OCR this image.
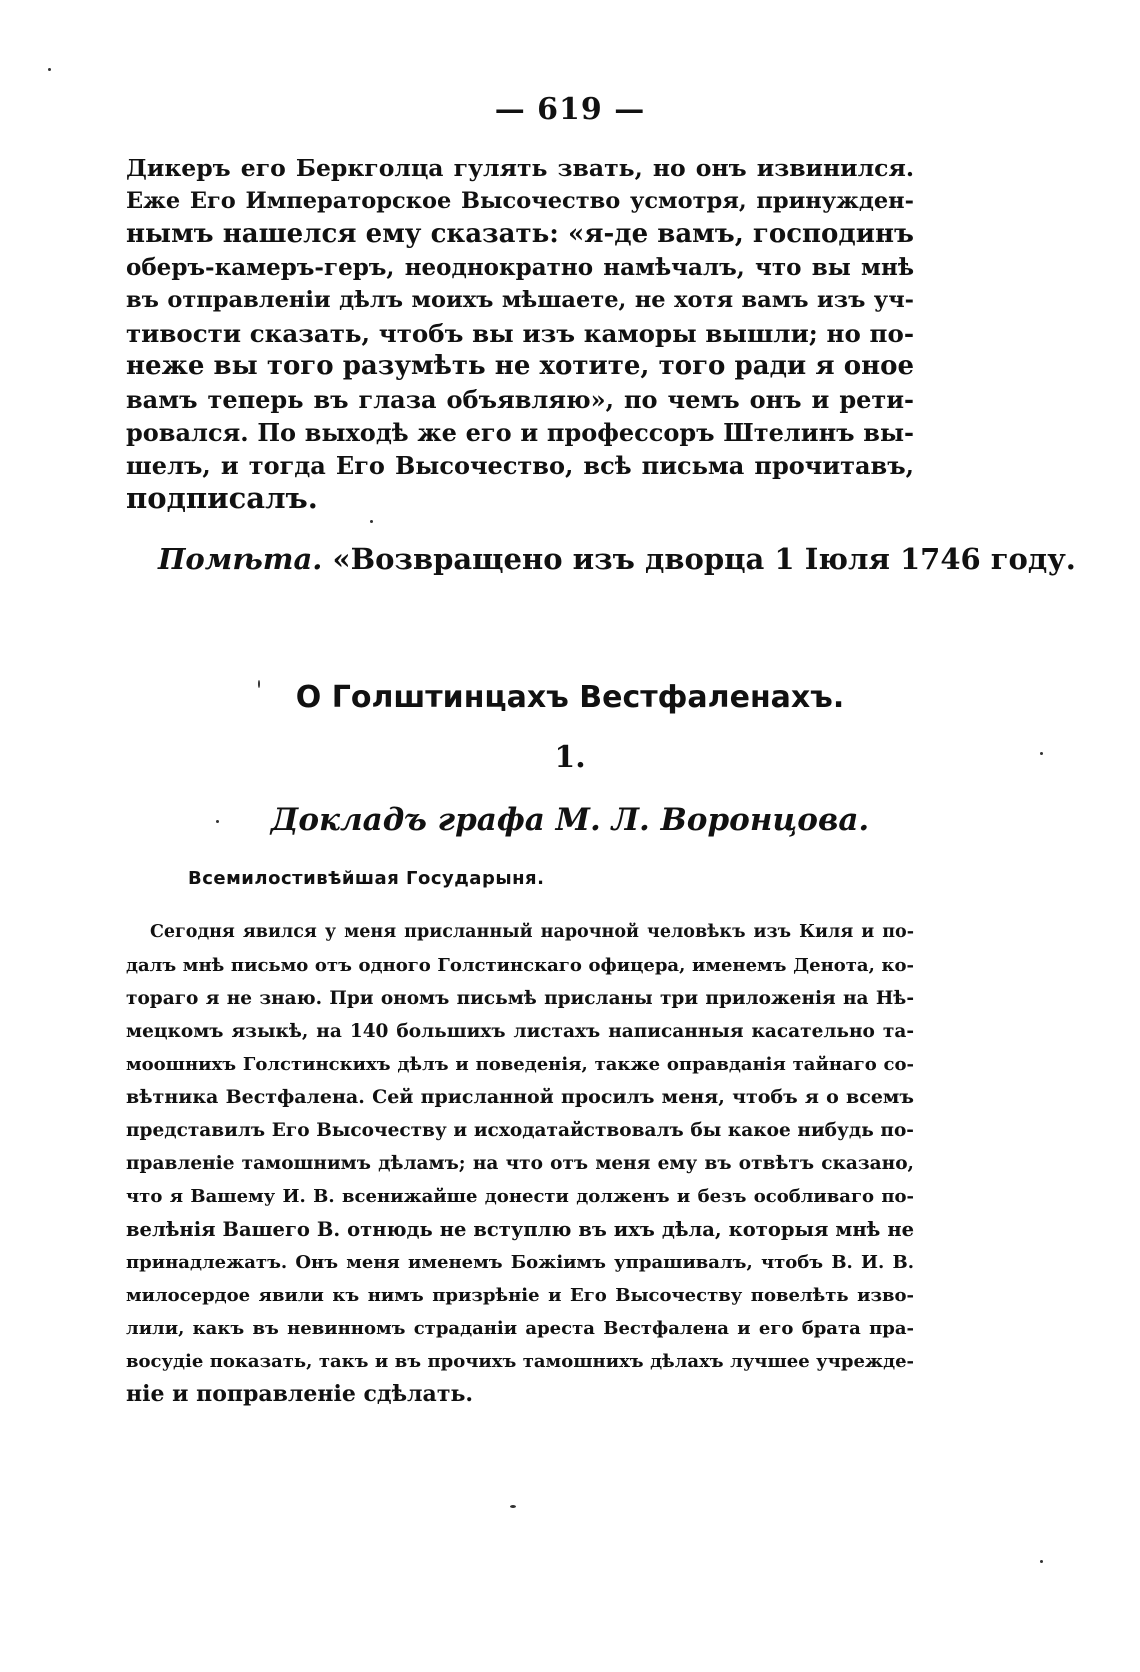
— 619 —
Дикеръ его Беркголца гулять звать, но онъ извинился.
Еже Его Императорское Высочество усмотря, принужден-
нымъ нашелся ему сказать: «я-де вамъ, господинъ
оберъ-камеръ-геръ, неоднократно намѣчалъ, что вы мнѣ
въ отправленіи дѣлъ моихъ мѣшаете, не хотя вамъ изъ уч-
тивости сказать, чтобъ вы изъ каморы вышли; но по-
неже вы того разумѣть не хотите, того ради я оное
вамъ теперь въ глаза объявляю», по чемъ онъ и рети-
ровался. По выходѣ же его и профессоръ Штелинъ вы-
шелъ, и тогда Его Высочество, всѣ письма прочитавъ,
подписалъ.
Помѣта. «Возвращено изъ дворца 1 Іюля 1746 году.
О Голштинцахъ Вестфаленахъ.
1.
Докладъ графа М. Л. Воронцова.
Всемилостивѣйшая Государыня.
Сегодня явился у меня присланный нарочной человѣкъ изъ Киля и по-
далъ мнѣ письмо отъ одного Голстинскаго офицера, именемъ Денота, ко-
тораго я не знаю. При ономъ письмѣ присланы три приложенія на Нѣ-
мецкомъ языкѣ, на 140 большихъ листахъ написанныя касательно та-
моошнихъ Голстинскихъ дѣлъ и поведенія, также оправданія тайнаго со-
вѣтника Вестфалена. Сей присланной просилъ меня, чтобъ я о всемъ
представилъ Его Высочеству и исходатайствовалъ бы какое нибудь по-
правленіе тамошнимъ дѣламъ; на что отъ меня ему въ отвѣтъ сказано,
что я Вашему И. В. всенижайше донести долженъ и безъ особливаго по-
велѣнія Вашего В. отнюдь не вступлю въ ихъ дѣла, которыя мнѣ не
принадлежатъ. Онъ меня именемъ Божіимъ упрашивалъ, чтобъ В. И. В.
милосердое явили къ нимъ призрѣніе и Его Высочеству повелѣть изво-
лили, какъ въ невинномъ страданіи ареста Вестфалена и его брата пра-
восудіе показать, такъ и въ прочихъ тамошнихъ дѣлахъ лучшее учрежде-
ніе и поправленіе сдѣлать.
